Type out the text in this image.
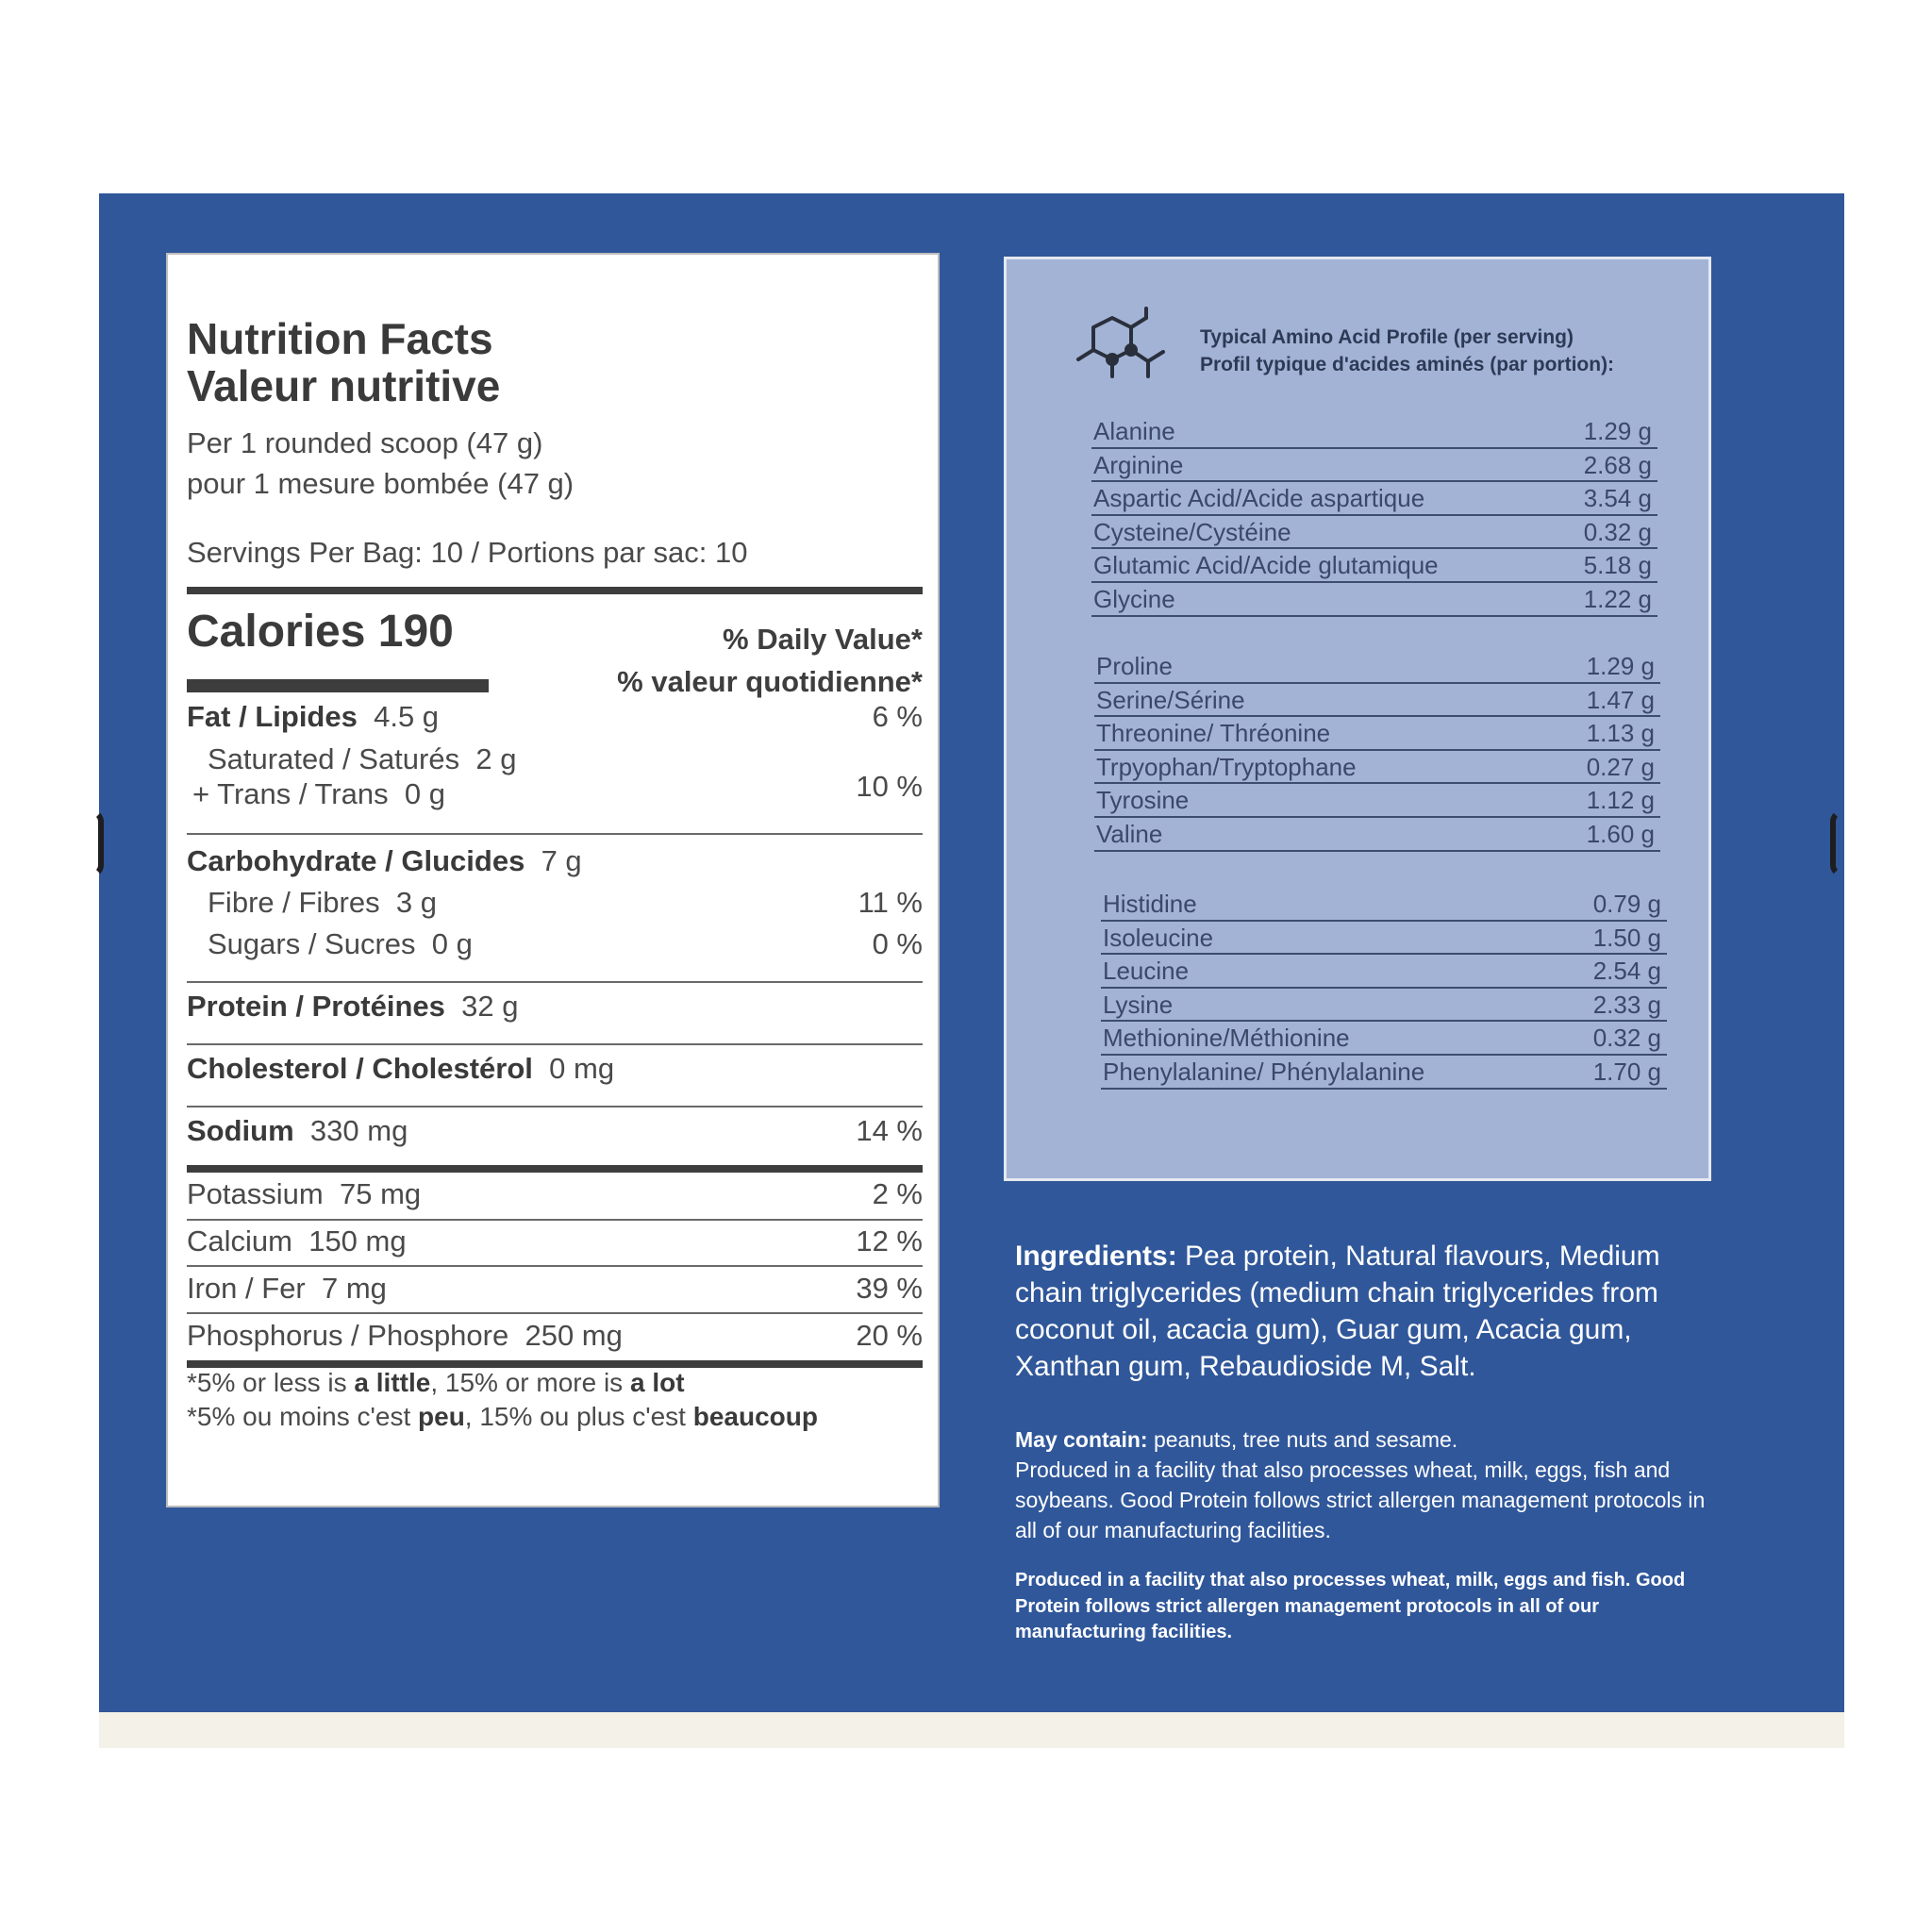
Nutrition Facts
Valeur nutritive
Per 1 rounded scoop (47 g)
pour 1 mesure bombée (47 g)
Servings Per Bag: 10 / Portions par sac: 10
Calories 190	% Daily Value*
% valeur quotidienne*
Fat / Lipides 4.5 g	6 %
Saturated / Saturés 2 g
+ Trans / Trans 0 g	10 %
Carbohydrate / Glucides 7 g
Fibre / Fibres 3 g	11 %
Sugars / Sucres 0 g	0 %
Protein / Protéines 32 g
Cholesterol / Cholestérol 0 mg
Sodium 330 mg	14 %
Potassium 75 mg	2 %
Calcium 150 mg	12 %
Iron / Fer 7 mg	39 %
Phosphorus / Phosphore 250 mg	20 %
*5% or less is a little, 15% or more is a lot
*5% ou moins c'est peu, 15% ou plus c'est beaucoup
Typical Amino Acid Profile (per serving)
Profil typique d'acides aminés (par portion):
Alanine	1.29 g
Arginine	2.68 g
Aspartic Acid/Acide aspartique	3.54 g
Cysteine/Cystéine	0.32 g
Glutamic Acid/Acide glutamique	5.18 g
Glycine	1.22 g
Proline	1.29 g
Serine/Sérine	1.47 g
Threonine/ Thréonine	1.13 g
Trpyophan/Tryptophane	0.27 g
Tyrosine	1.12 g
Valine	1.60 g
Histidine	0.79 g
Isoleucine	1.50 g
Leucine	2.54 g
Lysine	2.33 g
Methionine/Méthionine	0.32 g
Phenylalanine/ Phénylalanine	1.70 g
Ingredients: Pea protein, Natural flavours, Medium chain triglycerides (medium chain triglycerides from coconut oil, acacia gum), Guar gum, Acacia gum, Xanthan gum, Rebaudioside M, Salt.
May contain: peanuts, tree nuts and sesame.
Produced in a facility that also processes wheat, milk, eggs, fish and soybeans. Good Protein follows strict allergen management protocols in all of our manufacturing facilities.
Produced in a facility that also processes wheat, milk, eggs and fish. Good Protein follows strict allergen management protocols in all of our manufacturing facilities.
